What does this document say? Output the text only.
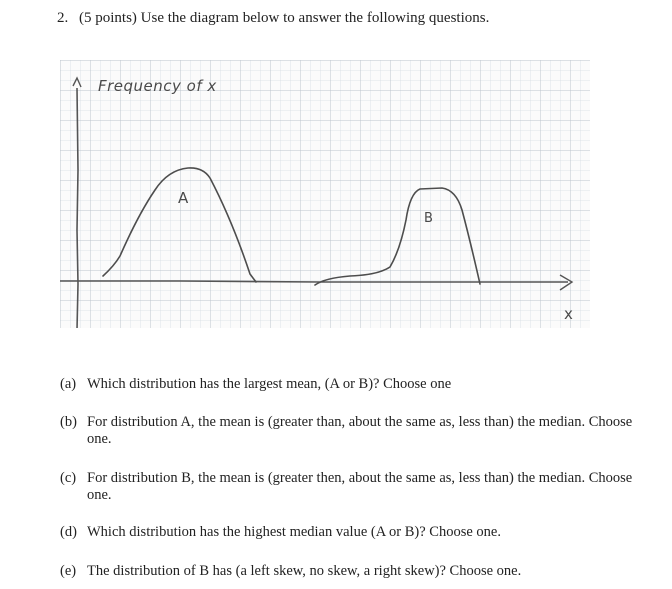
2. (5 points) Use the diagram below to answer the following questions.
Frequency of x
A
B
x
(a) Which distribution has the largest mean, (A or B)? Choose one
(b) For distribution A, the mean is (greater than, about the same as, less than) the median. Choose one.
(c) For distribution B, the mean is (greater then, about the same as, less than) the median. Choose one.
(d) Which distribution has the highest median value (A or B)? Choose one.
(e) The distribution of B has (a left skew, no skew, a right skew)? Choose one.
